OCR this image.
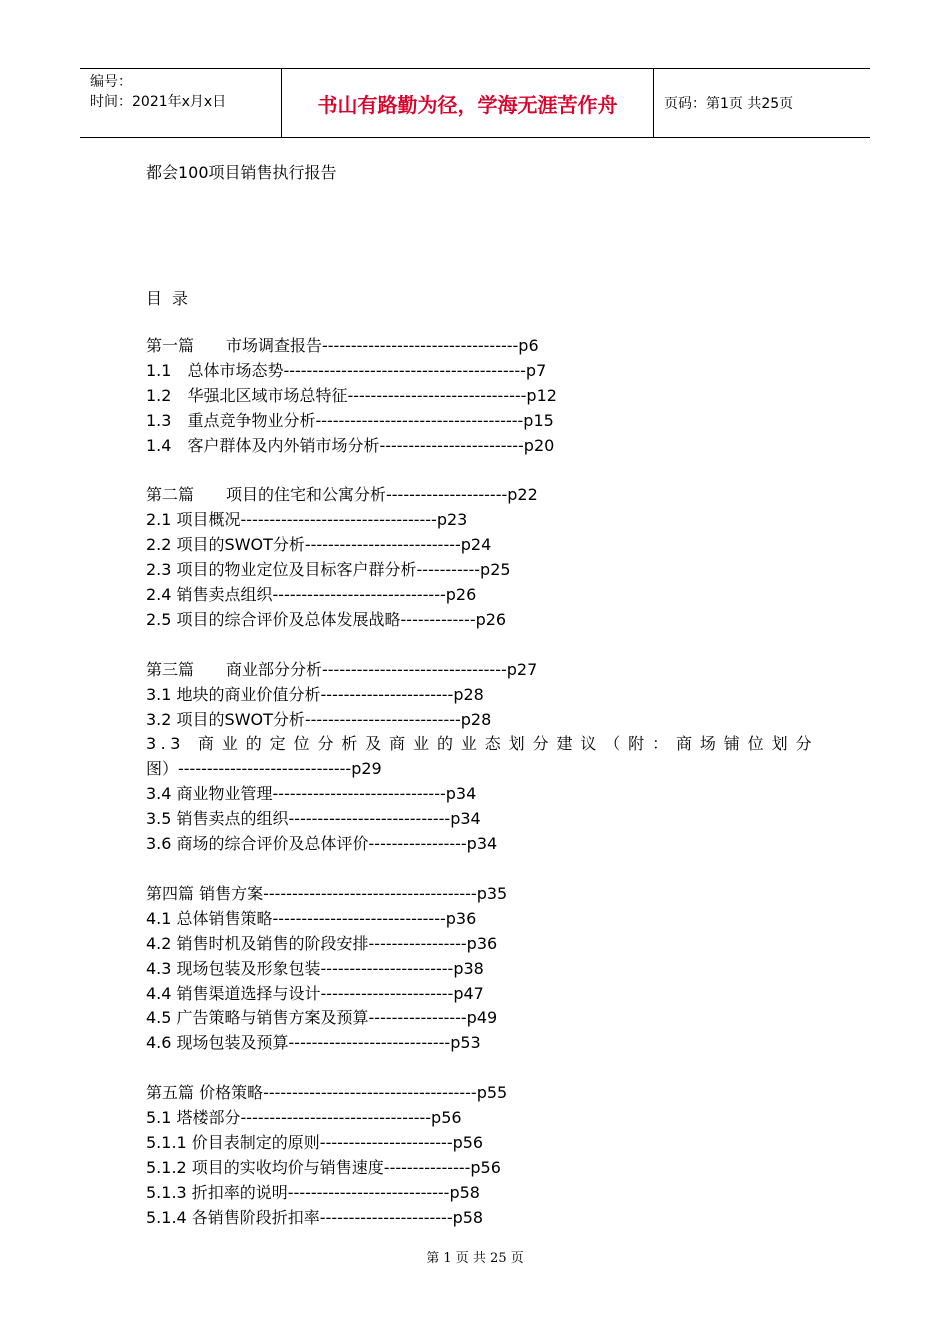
编号：
时间：2021年x月x日	书山有路勤为径，学海无涯苦作舟	页码：第1页 共25页
都会100项目销售执行报告
目录
第一篇　　市场调查报告----------------------------------p6
1.1　总体市场态势------------------------------------------p7
1.2　华强北区域市场总特征-------------------------------p12
1.3　重点竞争物业分析------------------------------------p15
1.4　客户群体及内外销市场分析-------------------------p20
第二篇　　项目的住宅和公寓分析---------------------p22
2.1 项目概况----------------------------------p23
2.2 项目的SWOT分析---------------------------p24
2.3 项目的物业定位及目标客户群分析-----------p25
2.4 销售卖点组织------------------------------p26
2.5 项目的综合评价及总体发展战略-------------p26
第三篇　　商业部分分析--------------------------------p27
3.1 地块的商业价值分析-----------------------p28
3.2 项目的SWOT分析---------------------------p28
3.3 商业的定位分析及商业的业态划分建议（附：商场铺位划分
图）------------------------------p29
3.4 商业物业管理------------------------------p34
3.5 销售卖点的组织----------------------------p34
3.6 商场的综合评价及总体评价-----------------p34
第四篇 销售方案-------------------------------------p35
4.1 总体销售策略------------------------------p36
4.2 销售时机及销售的阶段安排-----------------p36
4.3 现场包装及形象包装-----------------------p38
4.4 销售渠道选择与设计-----------------------p47
4.5 广告策略与销售方案及预算-----------------p49
4.6 现场包装及预算----------------------------p53
第五篇 价格策略-------------------------------------p55
5.1 塔楼部分---------------------------------p56
5.1.1 价目表制定的原则-----------------------p56
5.1.2 项目的实收均价与销售速度---------------p56
5.1.3 折扣率的说明----------------------------p58
5.1.4 各销售阶段折扣率-----------------------p58
第 1 页 共 25 页
